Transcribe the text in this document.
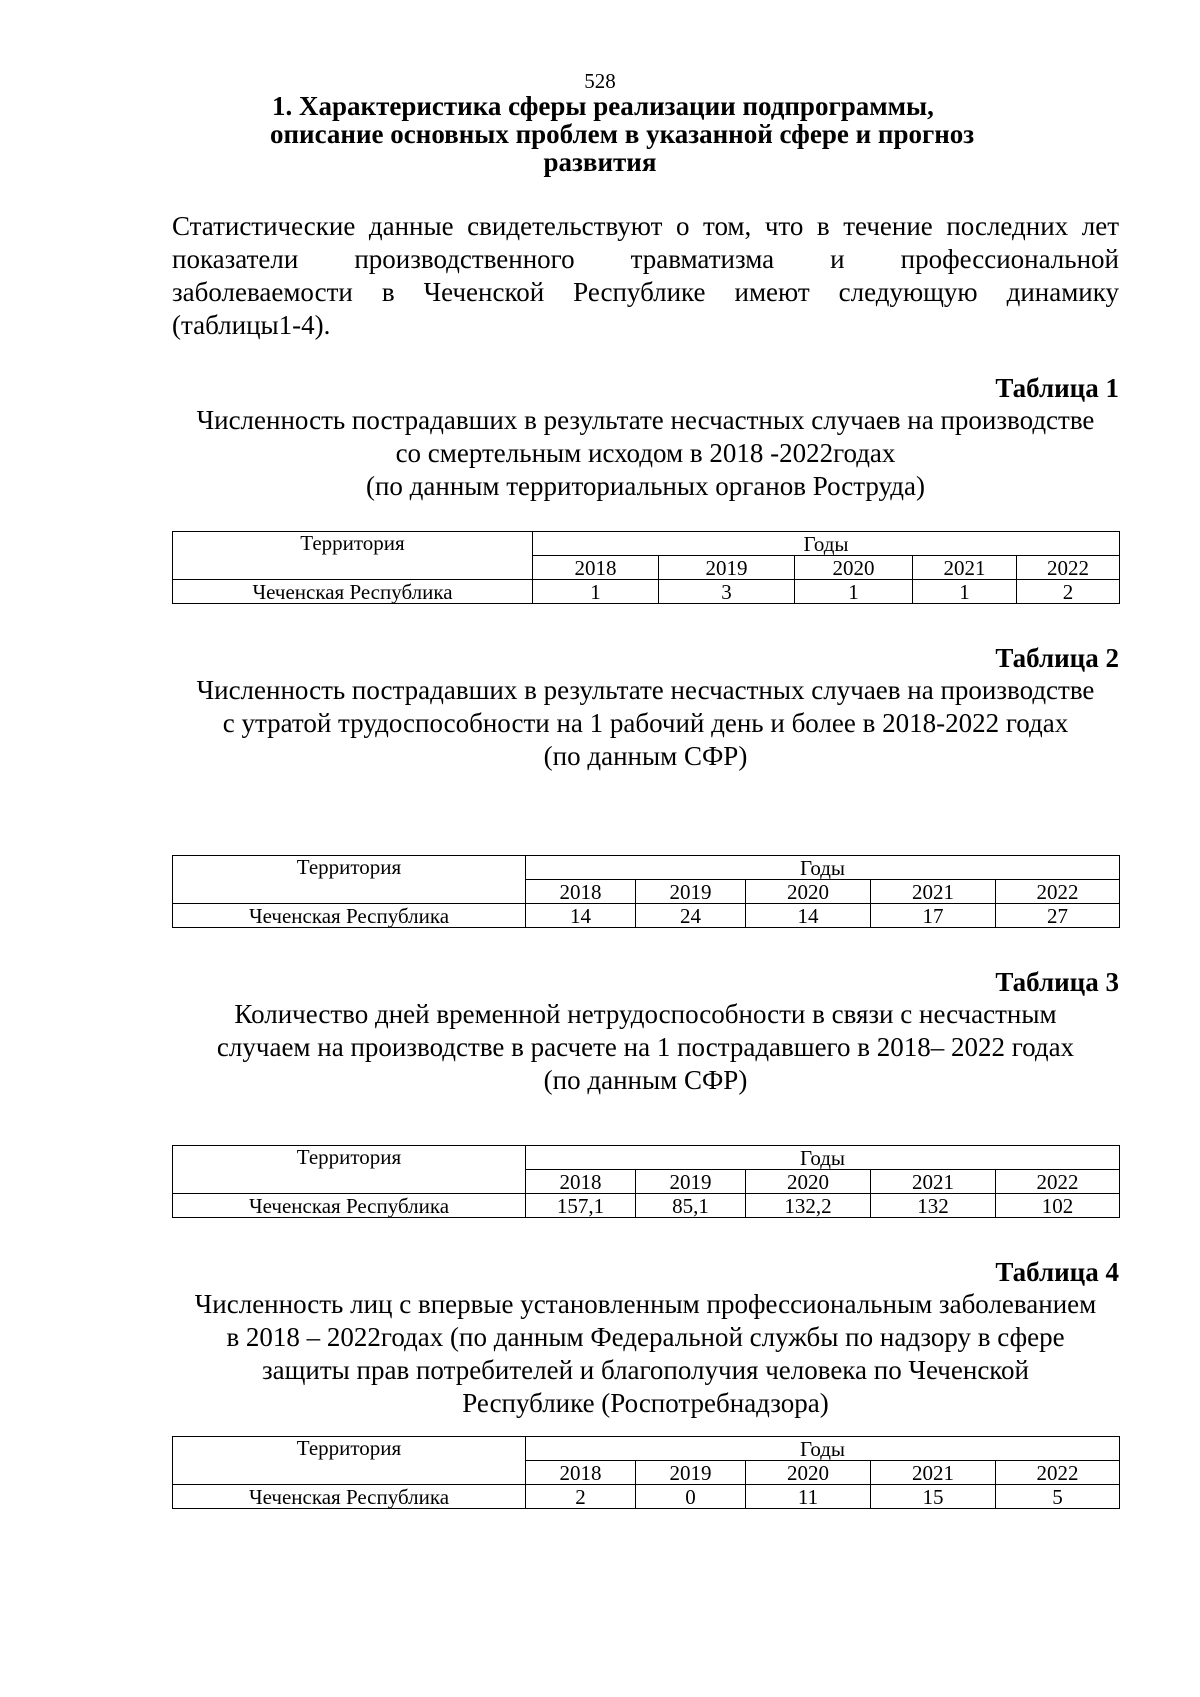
528
1. Характеристика сферы реализации подпрограммы,
описание основных проблем в указанной сфере и прогноз
развития
Статистические данные свидетельствуют о том, что в течение последних лет
показатели производственного травматизма и профессиональной
заболеваемости в Чеченской Республике имеют следующую динамику
(таблицы1-4).
Таблица 1
Численность пострадавших в результате несчастных случаев на производстве
со смертельным исходом в 2018 -2022годах
(по данным территориальных органов Роструда)
Территория	Годы				
	2018	2019	2020	2021	2022
Чеченская Республика	1	3	1	1	2
Таблица 2
Численность пострадавших в результате несчастных случаев на производстве
с утратой трудоспособности на 1 рабочий день и более в 2018-2022 годах
(по данным СФР)
Территория	Годы				
	2018	2019	2020	2021	2022
Чеченская Республика	14	24	14	17	27
Таблица 3
Количество дней временной нетрудоспособности в связи с несчастным
случаем на производстве в расчете на 1 пострадавшего в 2018– 2022 годах
(по данным СФР)
Территория	Годы				
	2018	2019	2020	2021	2022
Чеченская Республика	157,1	85,1	132,2	132	102
Таблица 4
Численность лиц с впервые установленным профессиональным заболеванием
в 2018 – 2022годах (по данным Федеральной службы по надзору в сфере
защиты прав потребителей и благополучия человека по Чеченской
Республике (Роспотребнадзора)
Территория	Годы				
	2018	2019	2020	2021	2022
Чеченская Республика	2	0	11	15	5
